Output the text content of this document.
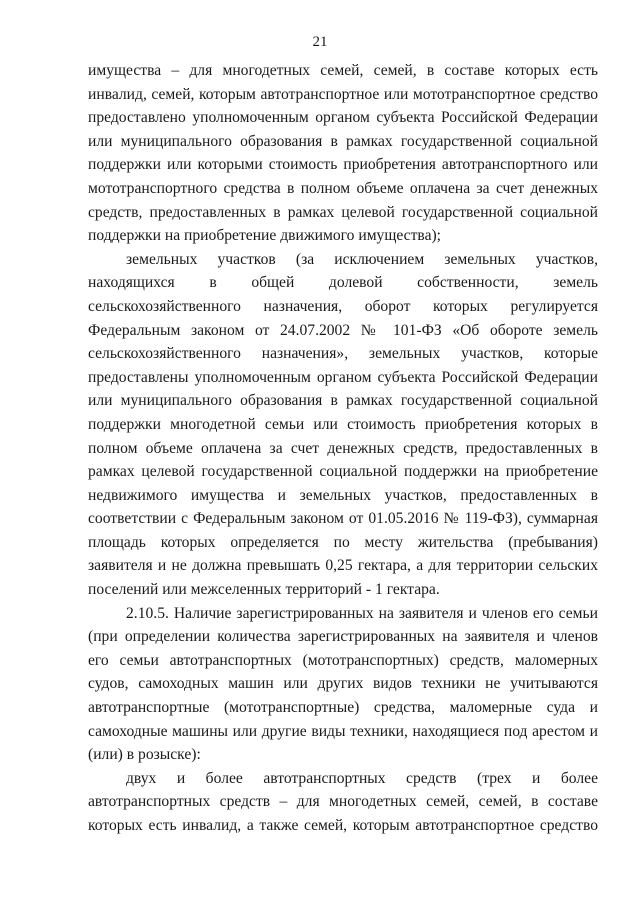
21

имущества – для многодетных семей, семей, в составе которых есть инвалид, семей, которым автотранспортное или мототранспортное средство предоставлено уполномоченным органом субъекта Российской Федерации или муниципального образования в рамках государственной социальной поддержки или которыми стоимость приобретения автотранспортного или мототранспортного средства в полном объеме оплачена за счет денежных средств, предоставленных в рамках целевой государственной социальной поддержки на приобретение движимого имущества);

земельных участков (за исключением земельных участков, находящихся в общей долевой собственности, земель сельскохозяйственного назначения, оборот которых регулируется Федеральным законом от 24.07.2002 № 101-ФЗ «Об обороте земель сельскохозяйственного назначения», земельных участков, которые предоставлены уполномоченным органом субъекта Российской Федерации или муниципального образования в рамках государственной социальной поддержки многодетной семьи или стоимость приобретения которых в полном объеме оплачена за счет денежных средств, предоставленных в рамках целевой государственной социальной поддержки на приобретение недвижимого имущества и земельных участков, предоставленных в соответствии с Федеральным законом от 01.05.2016 № 119-ФЗ), суммарная площадь которых определяется по месту жительства (пребывания) заявителя и не должна превышать 0,25 гектара, а для территории сельских поселений или межселенных территорий - 1 гектара.

2.10.5. Наличие зарегистрированных на заявителя и членов его семьи (при определении количества зарегистрированных на заявителя и членов его семьи автотранспортных (мототранспортных) средств, маломерных судов, самоходных машин или других видов техники не учитываются автотранспортные (мототранспортные) средства, маломерные суда и самоходные машины или другие виды техники, находящиеся под арестом и (или) в розыске):

двух и более автотранспортных средств (трех и более автотранспортных средств – для многодетных семей, семей, в составе которых есть инвалид, а также семей, которым автотранспортное средство
